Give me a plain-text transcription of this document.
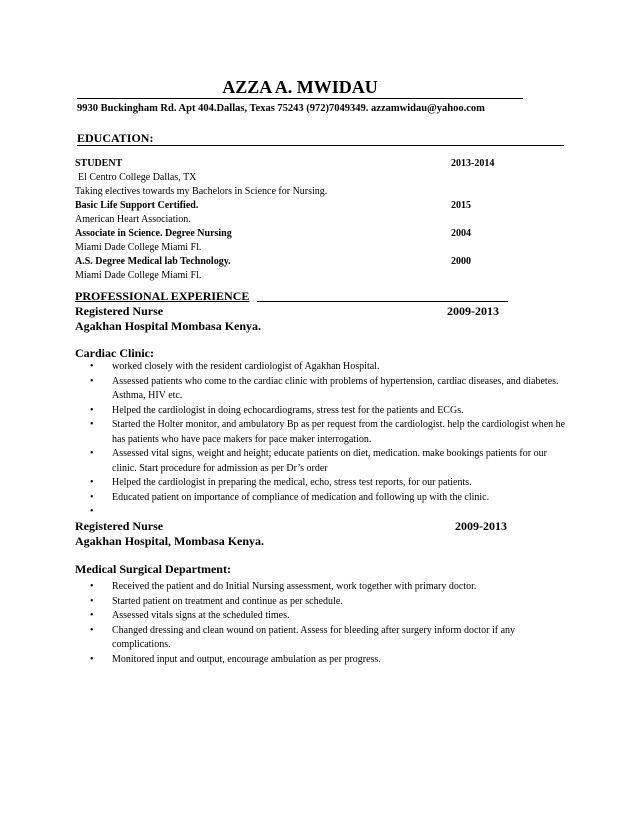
AZZA A. MWIDAU
9930 Buckingham Rd. Apt 404.Dallas, Texas 75243 (972)7049349. azzamwidau@yahoo.com
EDUCATION:
STUDENT	2013-2014
El Centro College Dallas, TX
Taking electives towards my Bachelors in Science for Nursing.
Basic Life Support Certified.	2015
American Heart Association.
Associate in Science. Degree Nursing	2004
Miami Dade College Miami Fl.
A.S. Degree Medical lab Technology.	2000
Miami Dade College Miami Fl.
PROFESSIONAL EXPERIENCE
Registered Nurse	2009-2013
Agakhan Hospital Mombasa Kenya.
Cardiac Clinic:
• worked closely with the resident cardiologist of Agakhan Hospital.
• Assessed patients who come to the cardiac clinic with problems of hypertension, cardiac diseases, and diabetes. Asthma, HIV etc.
• Helped the cardiologist in doing echocardiograms, stress test for the patients and ECGs.
• Started the Holter monitor, and ambulatory Bp as per request from the cardiologist. help the cardiologist when he has patients who have pace makers for pace maker interrogation.
• Assessed vital signs, weight and height; educate patients on diet, medication. make bookings patients for our clinic. Start procedure for admission as per Dr’s order
• Helped the cardiologist in preparing the medical, echo, stress test reports, for our patients.
• Educated patient on importance of compliance of medication and following up with the clinic.
•
Registered Nurse	2009-2013
Agakhan Hospital, Mombasa Kenya.
Medical Surgical Department:
• Received the patient and do Initial Nursing assessment, work together with primary doctor.
• Started patient on treatment and continue as per schedule.
• Assessed vitals signs at the scheduled times.
• Changed dressing and clean wound on patient. Assess for bleeding after surgery inform doctor if any complications.
• Monitored input and output, encourage ambulation as per progress.
